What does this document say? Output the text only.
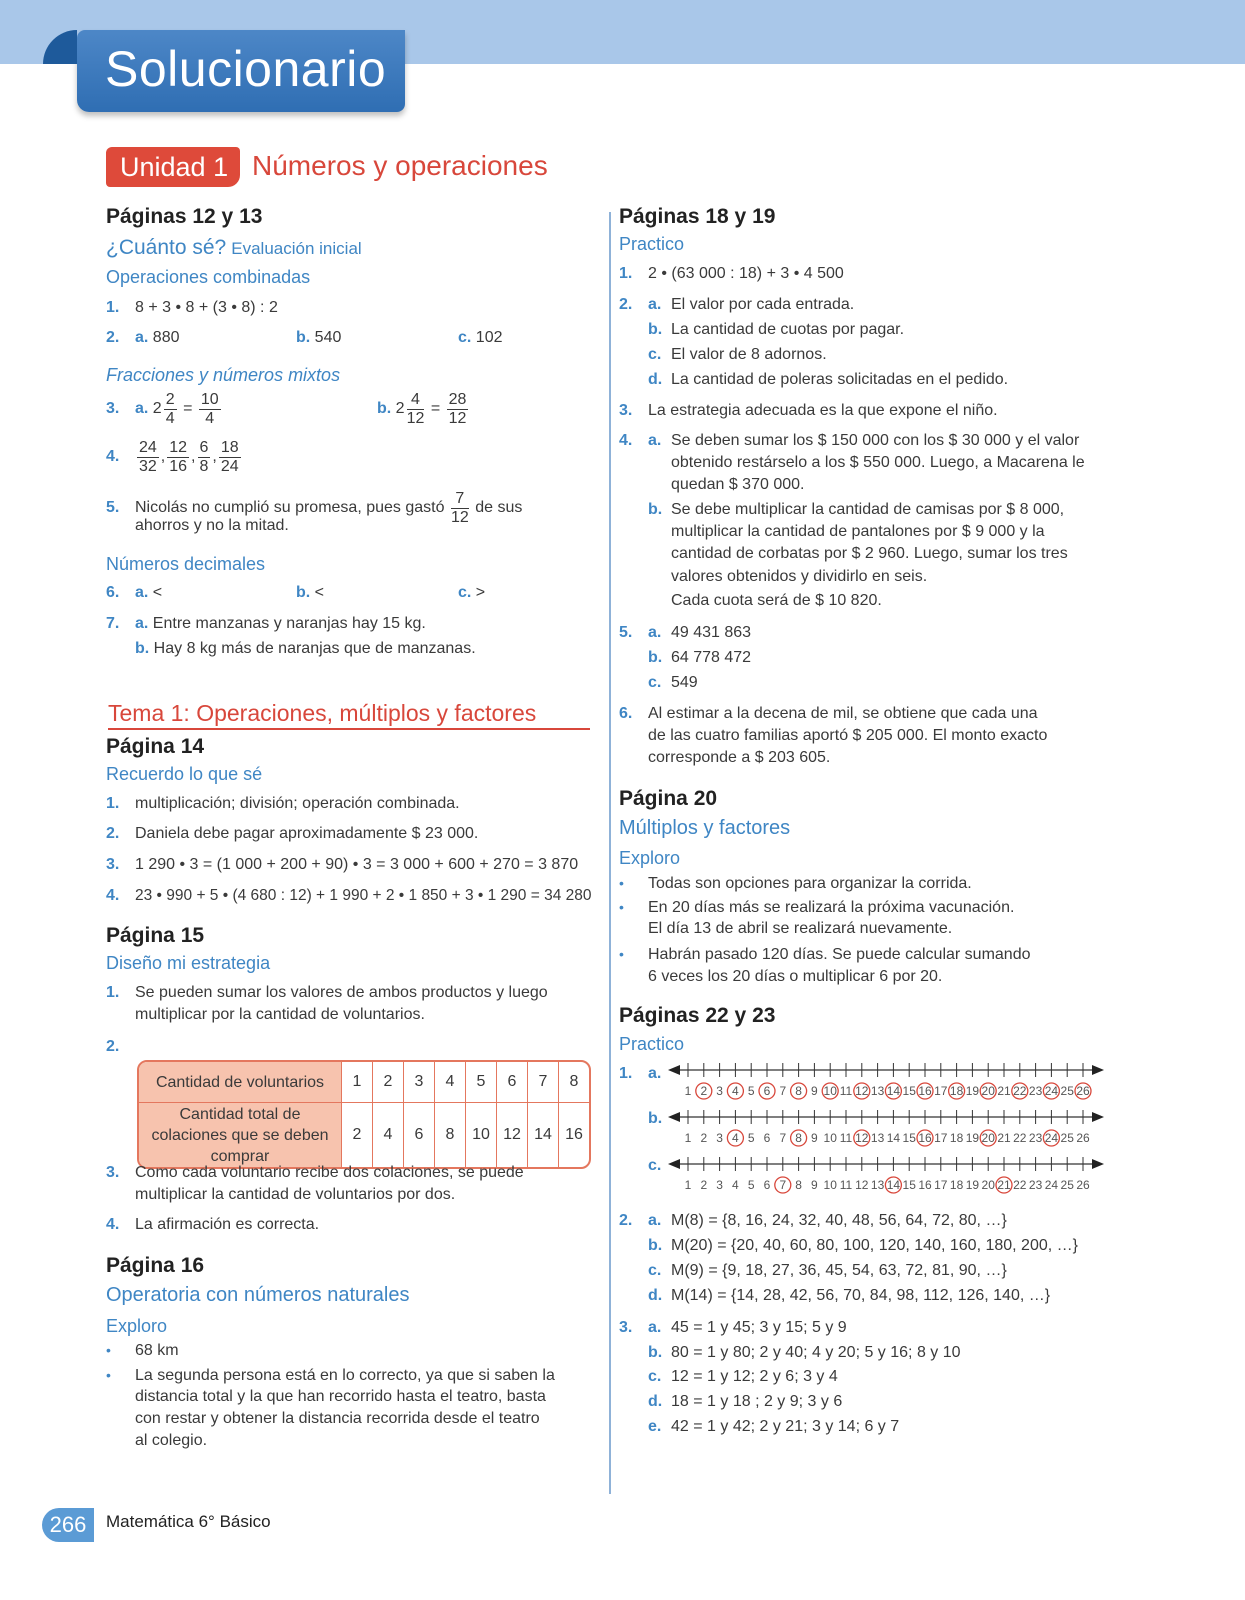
Solucionario
Unidad 1 Números y operaciones
Páginas 12 y 13
¿Cuánto sé? Evaluación inicial
Operaciones combinadas
1. 8 + 3 • 8 + (3 • 8) : 2
2. a. 880	b. 540	c. 102
Fracciones y números mixtos
3. a. $2 \frac{2}{4} = \frac{10}{4}$	b. $2 \frac{4}{12} = \frac{28}{12}$
4. $\frac{24}{32}$ , $\frac{12}{16}$ , $\frac{6}{8}$ , $\frac{18}{24}$
5. Nicolás no cumplió su promesa, pues gastó $\frac{7}{12}$ de sus
ahorros y no la mitad.
Números decimales
6. a. <	b. <	c. >
7. a. Entre manzanas y naranjas hay 15 kg.
b. Hay 8 kg más de naranjas que de manzanas.
Tema 1: Operaciones, múltiplos y factores
Página 14
Recuerdo lo que sé
1. multiplicación; división; operación combinada.
2. Daniela debe pagar aproximadamente $ 23 000.
3. 1 290 • 3 = (1 000 + 200 + 90) • 3 = 3 000 + 600 + 270 = 3 870
4. 23 • 990 + 5 • (4 680 : 12) + 1 990 + 2 • 1 850 + 3 • 1 290 = 34 280
Página 15
Diseño mi estrategia
1. Se pueden sumar los valores de ambos productos y luego
multiplicar por la cantidad de voluntarios.
2.
Cantidad de voluntarios	1	2	3	4	5	6	7	8
Cantidad total de colaciones que se deben comprar	2	4	6	8	10	12	14	16
3. Como cada voluntario recibe dos colaciones, se puede
multiplicar la cantidad de voluntarios por dos.
4. La afirmación es correcta.
Página 16
Operatoria con números naturales
Exploro
• 68 km
• La segunda persona está en lo correcto, ya que si saben la
distancia total y la que han recorrido hasta el teatro, basta
con restar y obtener la distancia recorrida desde el teatro
al colegio.
Páginas 18 y 19
Practico
1. 2 • (63 000 : 18) + 3 • 4 500
2. a. El valor por cada entrada.
b. La cantidad de cuotas por pagar.
c. El valor de 8 adornos.
d. La cantidad de poleras solicitadas en el pedido.
3. La estrategia adecuada es la que expone el niño.
4. a. Se deben sumar los $ 150 000 con los $ 30 000 y el valor
obtenido restárselo a los $ 550 000. Luego, a Macarena le
quedan $ 370 000.
b. Se debe multiplicar la cantidad de camisas por $ 8 000,
multiplicar la cantidad de pantalones por $ 9 000 y la
cantidad de corbatas por $ 2 960. Luego, sumar los tres
valores obtenidos y dividirlo en seis.
Cada cuota será de $ 10 820.
5. a. 49 431 863
b. 64 778 472
c. 549
6. Al estimar a la decena de mil, se obtiene que cada una
de las cuatro familias aportó $ 205 000. El monto exacto
corresponde a $ 203 605.
Página 20
Múltiplos y factores
Exploro
• Todas son opciones para organizar la corrida.
• En 20 días más se realizará la próxima vacunación.
El día 13 de abril se realizará nuevamente.
• Habrán pasado 120 días. Se puede calcular sumando
6 veces los 20 días o multiplicar 6 por 20.
Páginas 22 y 23
Practico
1. a.
b.
c.
1 2 3 4 5 6 7 8 9 10 11 12 13 14 15 16 17 18 19 20 21 22 23 24 25 26
1 2 3 4 5 6 7 8 9 10 11 12 13 14 15 16 17 18 19 20 21 22 23 24 25 26
1 2 3 4 5 6 7 8 9 10 11 12 13 14 15 16 17 18 19 20 21 22 23 24 25 26
2. a. M(8) = {8, 16, 24, 32, 40, 48, 56, 64, 72, 80, …}
b. M(20) = {20, 40, 60, 80, 100, 120, 140, 160, 180, 200, …}
c. M(9) = {9, 18, 27, 36, 45, 54, 63, 72, 81, 90, …}
d. M(14) = {14, 28, 42, 56, 70, 84, 98, 112, 126, 140, …}
3. a. 45 = 1 y 45; 3 y 15; 5 y 9
b. 80 = 1 y 80; 2 y 40; 4 y 20; 5 y 16; 8 y 10
c. 12 = 1 y 12; 2 y 6; 3 y 4
d. 18 = 1 y 18 ; 2 y 9; 3 y 6
e. 42 = 1 y 42; 2 y 21; 3 y 14; 6 y 7
266	Matemática 6° Básico
